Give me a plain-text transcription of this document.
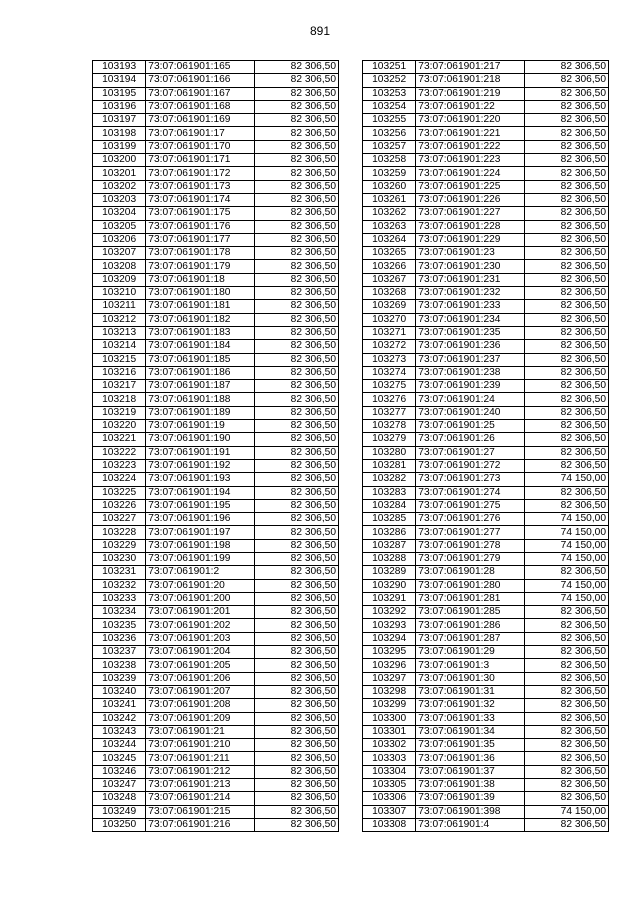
891
103193	73:07:061901:165	82 306,50
103194	73:07:061901:166	82 306,50
103195	73:07:061901:167	82 306,50
103196	73:07:061901:168	82 306,50
103197	73:07:061901:169	82 306,50
103198	73:07:061901:17	82 306,50
103199	73:07:061901:170	82 306,50
103200	73:07:061901:171	82 306,50
103201	73:07:061901:172	82 306,50
103202	73:07:061901:173	82 306,50
103203	73:07:061901:174	82 306,50
103204	73:07:061901:175	82 306,50
103205	73:07:061901:176	82 306,50
103206	73:07:061901:177	82 306,50
103207	73:07:061901:178	82 306,50
103208	73:07:061901:179	82 306,50
103209	73:07:061901:18	82 306,50
103210	73:07:061901:180	82 306,50
103211	73:07:061901:181	82 306,50
103212	73:07:061901:182	82 306,50
103213	73:07:061901:183	82 306,50
103214	73:07:061901:184	82 306,50
103215	73:07:061901:185	82 306,50
103216	73:07:061901:186	82 306,50
103217	73:07:061901:187	82 306,50
103218	73:07:061901:188	82 306,50
103219	73:07:061901:189	82 306,50
103220	73:07:061901:19	82 306,50
103221	73:07:061901:190	82 306,50
103222	73:07:061901:191	82 306,50
103223	73:07:061901:192	82 306,50
103224	73:07:061901:193	82 306,50
103225	73:07:061901:194	82 306,50
103226	73:07:061901:195	82 306,50
103227	73:07:061901:196	82 306,50
103228	73:07:061901:197	82 306,50
103229	73:07:061901:198	82 306,50
103230	73:07:061901:199	82 306,50
103231	73:07:061901:2	82 306,50
103232	73:07:061901:20	82 306,50
103233	73:07:061901:200	82 306,50
103234	73:07:061901:201	82 306,50
103235	73:07:061901:202	82 306,50
103236	73:07:061901:203	82 306,50
103237	73:07:061901:204	82 306,50
103238	73:07:061901:205	82 306,50
103239	73:07:061901:206	82 306,50
103240	73:07:061901:207	82 306,50
103241	73:07:061901:208	82 306,50
103242	73:07:061901:209	82 306,50
103243	73:07:061901:21	82 306,50
103244	73:07:061901:210	82 306,50
103245	73:07:061901:211	82 306,50
103246	73:07:061901:212	82 306,50
103247	73:07:061901:213	82 306,50
103248	73:07:061901:214	82 306,50
103249	73:07:061901:215	82 306,50
103250	73:07:061901:216	82 306,50
103251	73:07:061901:217	82 306,50
103252	73:07:061901:218	82 306,50
103253	73:07:061901:219	82 306,50
103254	73:07:061901:22	82 306,50
103255	73:07:061901:220	82 306,50
103256	73:07:061901:221	82 306,50
103257	73:07:061901:222	82 306,50
103258	73:07:061901:223	82 306,50
103259	73:07:061901:224	82 306,50
103260	73:07:061901:225	82 306,50
103261	73:07:061901:226	82 306,50
103262	73:07:061901:227	82 306,50
103263	73:07:061901:228	82 306,50
103264	73:07:061901:229	82 306,50
103265	73:07:061901:23	82 306,50
103266	73:07:061901:230	82 306,50
103267	73:07:061901:231	82 306,50
103268	73:07:061901:232	82 306,50
103269	73:07:061901:233	82 306,50
103270	73:07:061901:234	82 306,50
103271	73:07:061901:235	82 306,50
103272	73:07:061901:236	82 306,50
103273	73:07:061901:237	82 306,50
103274	73:07:061901:238	82 306,50
103275	73:07:061901:239	82 306,50
103276	73:07:061901:24	82 306,50
103277	73:07:061901:240	82 306,50
103278	73:07:061901:25	82 306,50
103279	73:07:061901:26	82 306,50
103280	73:07:061901:27	82 306,50
103281	73:07:061901:272	82 306,50
103282	73:07:061901:273	74 150,00
103283	73:07:061901:274	82 306,50
103284	73:07:061901:275	82 306,50
103285	73:07:061901:276	74 150,00
103286	73:07:061901:277	74 150,00
103287	73:07:061901:278	74 150,00
103288	73:07:061901:279	74 150,00
103289	73:07:061901:28	82 306,50
103290	73:07:061901:280	74 150,00
103291	73:07:061901:281	74 150,00
103292	73:07:061901:285	82 306,50
103293	73:07:061901:286	82 306,50
103294	73:07:061901:287	82 306,50
103295	73:07:061901:29	82 306,50
103296	73:07:061901:3	82 306,50
103297	73:07:061901:30	82 306,50
103298	73:07:061901:31	82 306,50
103299	73:07:061901:32	82 306,50
103300	73:07:061901:33	82 306,50
103301	73:07:061901:34	82 306,50
103302	73:07:061901:35	82 306,50
103303	73:07:061901:36	82 306,50
103304	73:07:061901:37	82 306,50
103305	73:07:061901:38	82 306,50
103306	73:07:061901:39	82 306,50
103307	73:07:061901:398	74 150,00
103308	73:07:061901:4	82 306,50
